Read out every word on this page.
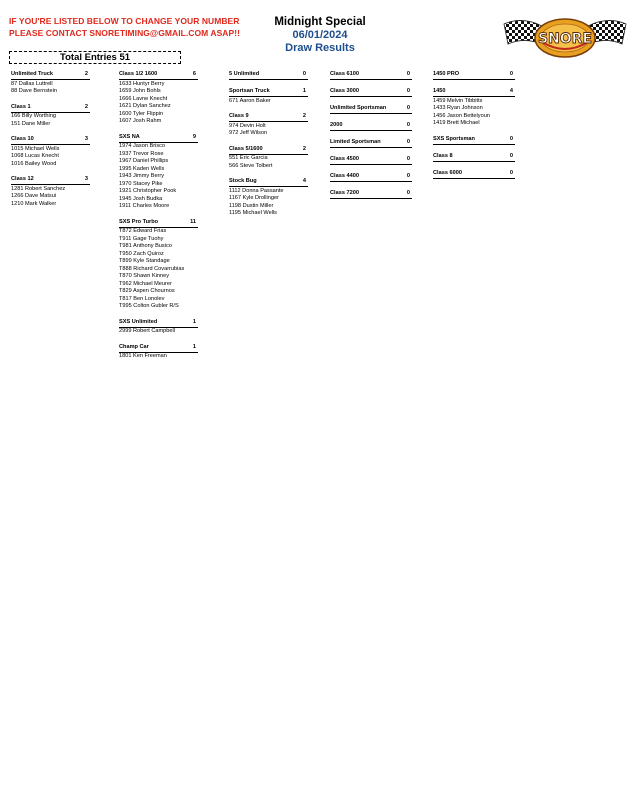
IF YOU'RE LISTED BELOW TO CHANGE YOUR NUMBER
PLEASE CONTACT SNORETIMING@GMAIL.COM ASAP!!
Midnight Special
06/01/2024
Draw Results
Total Entries 51
SNORE
Unlimited Truck	2
87 Dallas Luttrell
88 Dave Bernstein
Class 1	2
166 Billy Worthing
151 Dane Miller
Class 10	3
1015 Michael Wells
1068 Lucas Knecht
1016 Bailey Wood
Class 12	3
1281 Robert Sanchez
1266 Dave Matsui
1210 Mark Walker
Class 1/2 1600	6
1633 Huntyr Berry
1659 John Bohls
1666 Lavne Knecht
1621 Dylan Sanchez
1600 Tyler Flippin
1607 Josh Rahm
SXS NA	9
1974 Jason Brisco
1937 Trevor Rose
1967 Daniel Phillips
1995 Kaden Wells
1943 Jimmy Berry
1970 Stacey Pike
1921 Christopher Pook
1945 Josh Budka
1911 Charles Moore
SXS Pro Turbo	11
T872 Edward Frias
T911 Gage Tuohy
T981 Anthony Busico
T950 Zach Quiroz
T899 Kyle Standage
T888 Richard Covarrubias
T870 Shawn Kinney
T962 Michael Meurer
T829 Aspen Chournos
T817 Ben Lonolev
T995 Colton Gubler R/S
SXS Unlimited	1
2999 Robert Campbell
Champ Car	1
1801 Ken Freeman
5 Unlimited	0
Sportsan Truck	1
671 Aaron Baker
Class 9	2
974 Devin Holt
972 Jeff Wilson
Class 5/1600	2
551 Eric Garcia
566 Steve Tolbert
Stock Bug	4
1112 Donna Passante
1167 Kyle Drollinger
1198 Dustin Miller
1195 Michael Wells
Class 6100	0
Class 3000	0
Unlimited Sportsman	0
2000	0
Limited Sportsman	0
Class 4500	0
Class 4400	0
Class 7200	0
1450 PRO	0
1450	4
1459 Melvin Tibbitts
1433 Ryan Johnson
1456 Jason Bettelyoun
1419 Brett Michael
SXS Sportsman	0
Class 8	0
Class 6000	0
